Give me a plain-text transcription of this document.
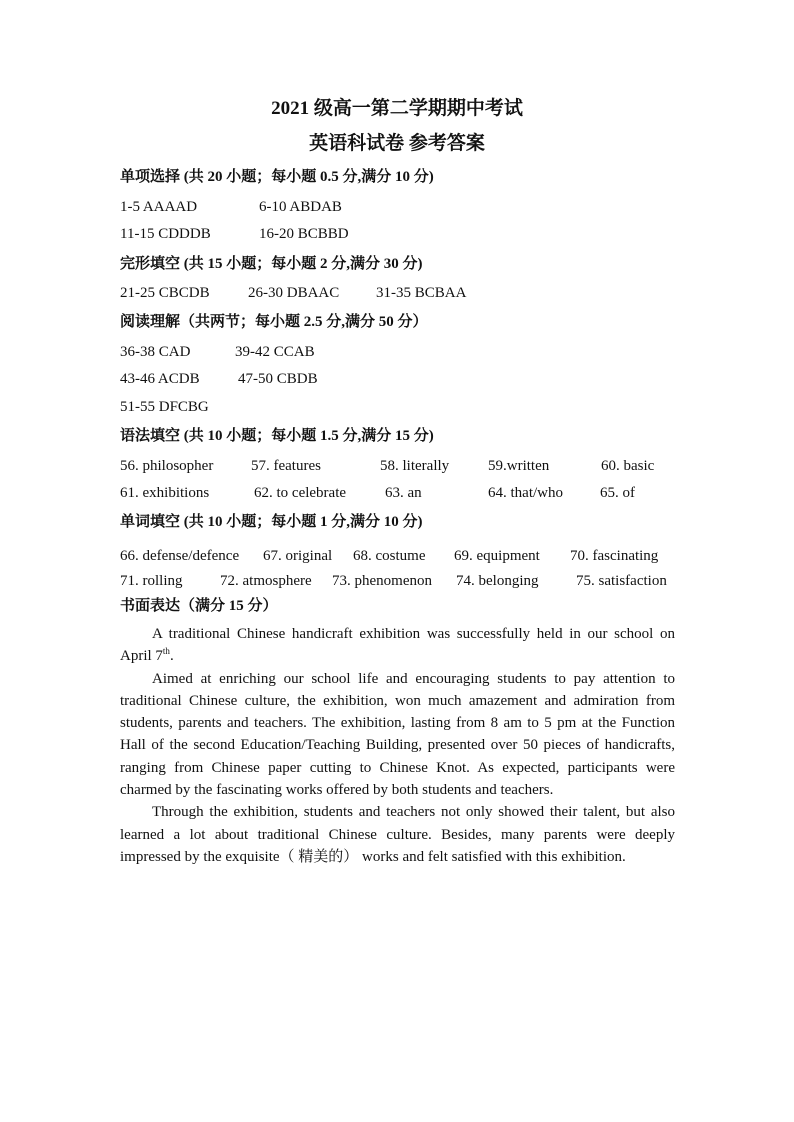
2021 级高一第二学期期中考试
英语科试卷 参考答案
单项选择 (共 20 小题；每小题 0.5 分,满分 10 分)
1-5 AAAAD	6-10 ABDAB
11-15 CDDDB	16-20 BCBBD
完形填空 (共 15 小题；每小题 2 分,满分 30 分)
21-25 CBCDB	26-30 DBAAC 31-35 BCBAA
阅读理解（共两节；每小题 2.5 分,满分 50 分）
36-38 CAD	39-42 CCAB
43-46 ACDB	47-50 CBDB
51-55 DFCBG
语法填空 (共 10 小题；每小题 1.5 分,满分 15 分)
56. philosopher	57. features	58. literally	59.written	60. basic
61. exhibitions	62. to celebrate	63. an	64. that/who 65. of
单词填空 (共 10 小题；每小题 1 分,满分 10 分)
66. defense/defence 67. original 68. costume 69. equipment 70. fascinating
71. rolling	72. atmosphere 73. phenomenon 74. belonging	75. satisfaction
书面表达（满分 15 分）

A traditional Chinese handicraft exhibition was successfully held in our school on April 7th.

Aimed at enriching our school life and encouraging students to pay attention to traditional Chinese culture, the exhibition, won much amazement and admiration from students, parents and teachers. The exhibition, lasting from 8 am to 5 pm at the Function Hall of the second Education/Teaching Building, presented over 50 pieces of handicrafts, ranging from Chinese paper cutting to Chinese Knot. As expected, participants were charmed by the fascinating works offered by both students and teachers.

Through the exhibition, students and teachers not only showed their talent, but also learned a lot about traditional Chinese culture. Besides, many parents were deeply impressed by the exquisite（ 精美的） works and felt satisfied with this exhibition.
